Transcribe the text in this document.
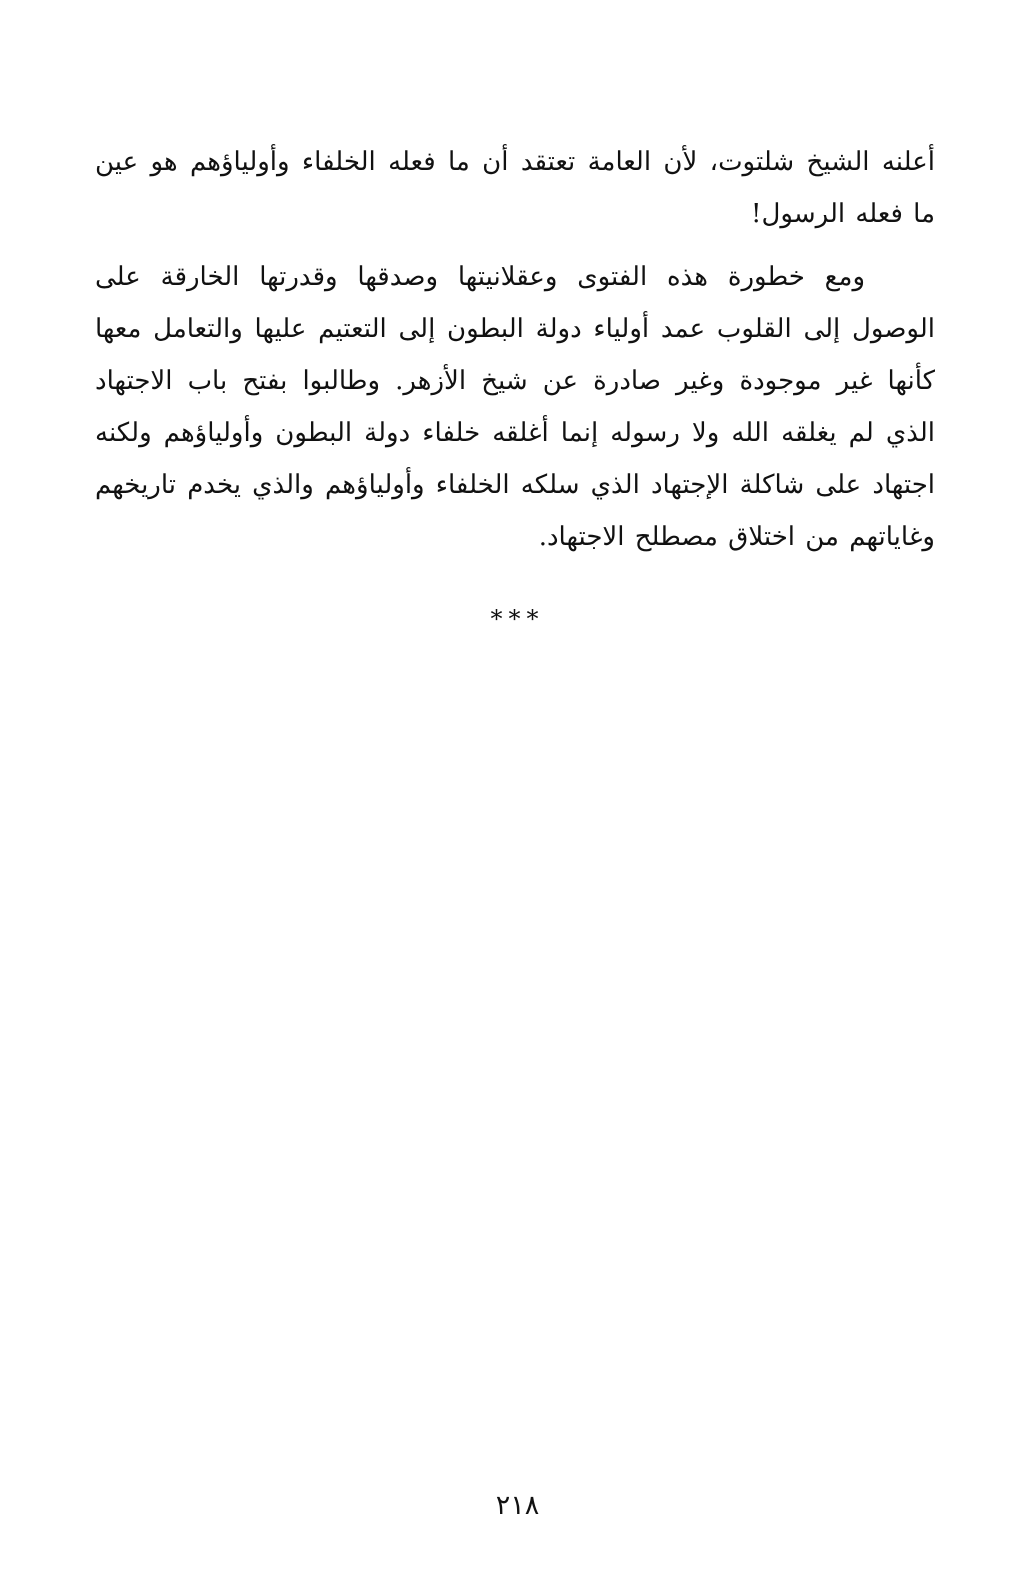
أعلنه الشيخ شلتوت، لأن العامة تعتقد أن ما فعله الخلفاء وأولياؤهم هو عين ما فعله الرسول!

ومع خطورة هذه الفتوى وعقلانيتها وصدقها وقدرتها الخارقة على الوصول إلى القلوب عمد أولياء دولة البطون إلى التعتيم عليها والتعامل معها كأنها غير موجودة وغير صادرة عن شيخ الأزهر. وطالبوا بفتح باب الاجتهاد الذي لم يغلقه الله ولا رسوله إنما أغلقه خلفاء دولة البطون وأولياؤهم ولكنه اجتهاد على شاكلة الإجتهاد الذي سلكه الخلفاء وأولياؤهم والذي يخدم تاريخهم وغاياتهم من اختلاق مصطلح الاجتهاد.

***
٢١٨
